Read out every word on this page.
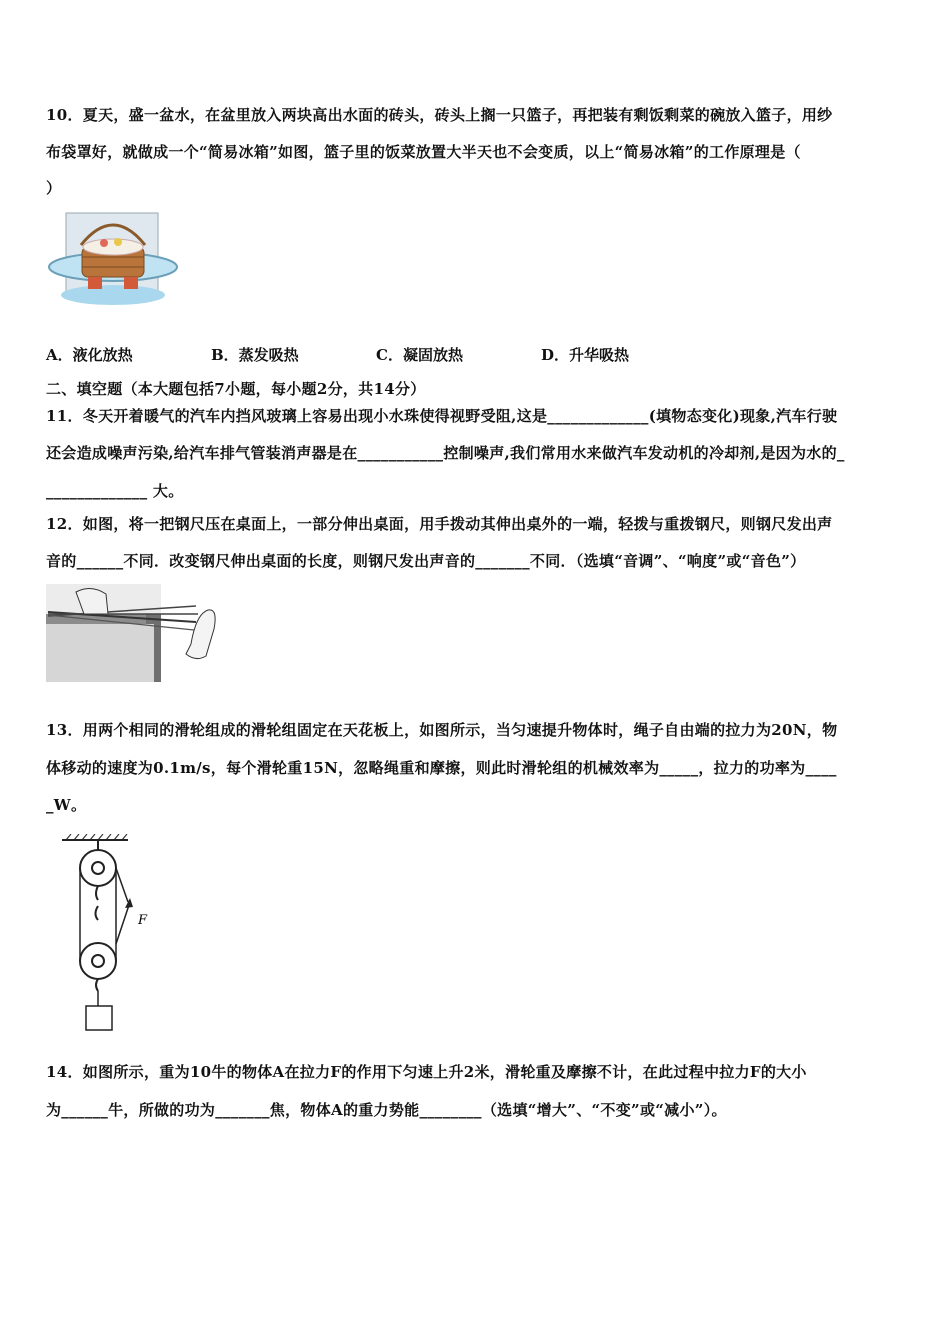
10．夏天，盛一盆水，在盆里放入两块高出水面的砖头，砖头上搁一只篮子，再把装有剩饭剩菜的碗放入篮子，用纱
布袋罩好，就做成一个“简易冰箱”如图，篮子里的饭菜放置大半天也不会变质，以上“简易冰箱”的工作原理是（
）
A．液化放热	B．蒸发吸热	C．凝固放热	D．升华吸热
二、填空题（本大题包括7小题，每小题2分，共14分）
11．冬天开着暖气的汽车内挡风玻璃上容易出现小水珠使得视野受阻,这是_____________(填物态变化)现象,汽车行驶
还会造成噪声污染,给汽车排气管装消声器是在___________控制噪声,我们常用水来做汽车发动机的冷却剂,是因为水的_
_____________ 大。
12．如图，将一把钢尺压在桌面上，一部分伸出桌面，用手拨动其伸出桌外的一端，轻拨与重拨钢尺，则钢尺发出声
音的______不同．改变钢尺伸出桌面的长度，则钢尺发出声音的_______不同．（选填“音调”、“响度”或“音色”）
13．用两个相同的滑轮组成的滑轮组固定在天花板上，如图所示，当匀速提升物体时，绳子自由端的拉力为20N，物
体移动的速度为0.1m/s，每个滑轮重15N，忽略绳重和摩擦，则此时滑轮组的机械效率为_____，拉力的功率为____
_W。
F
14．如图所示，重为10牛的物体A在拉力F的作用下匀速上升2米，滑轮重及摩擦不计，在此过程中拉力F的大小
为______牛，所做的功为_______焦，物体A的重力势能________（选填“增大”、“不变”或“减小”）。
